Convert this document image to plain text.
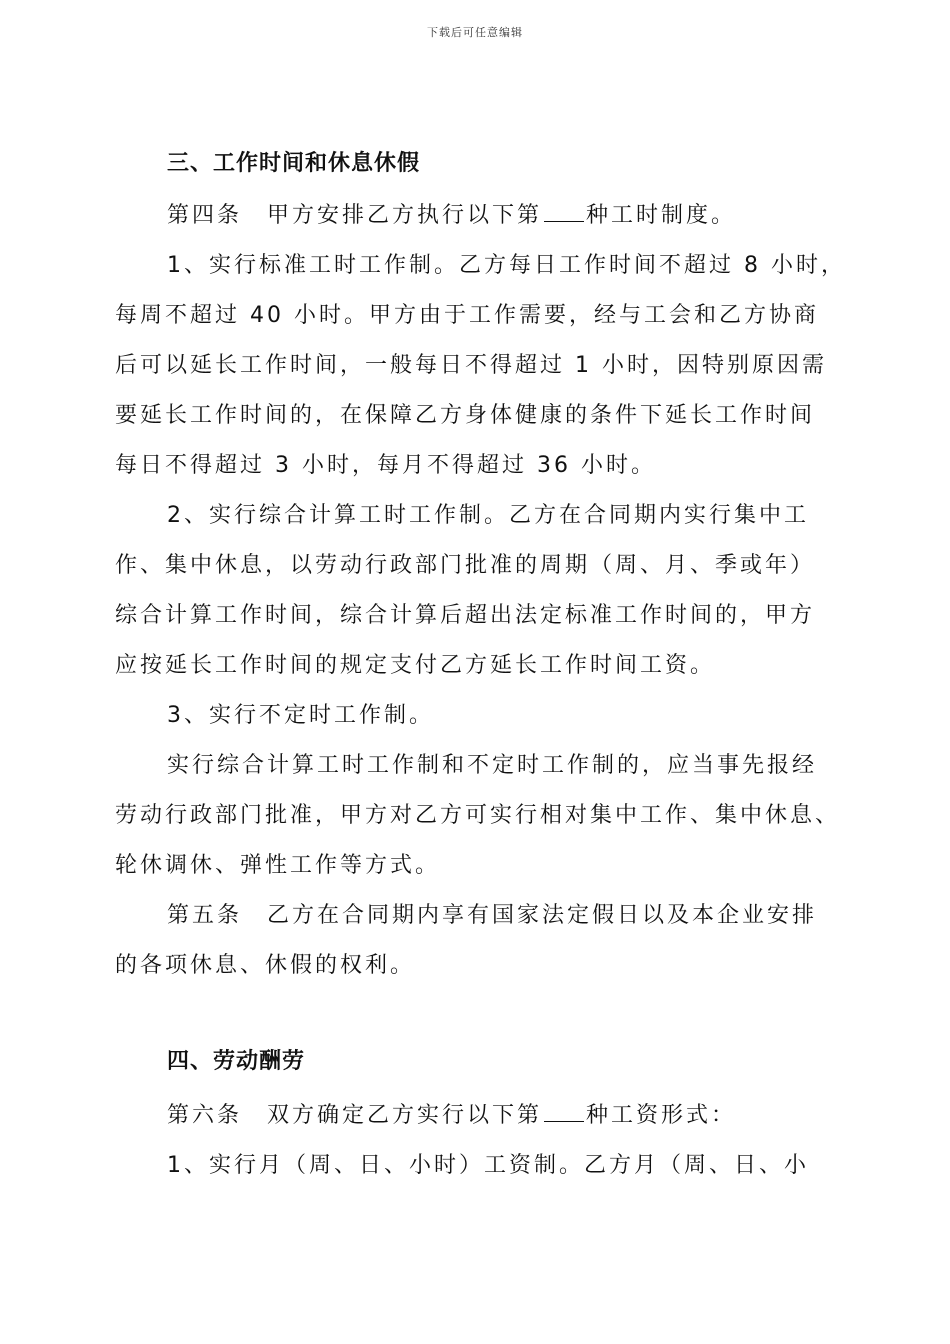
下载后可任意编辑
三、工作时间和休息休假
第四条　甲方安排乙方执行以下第 种工时制度。
1、实行标准工时工作制。乙方每日工作时间不超过 8 小时，
每周不超过 40 小时。甲方由于工作需要，经与工会和乙方协商
后可以延长工作时间，一般每日不得超过 1 小时，因特别原因需
要延长工作时间的，在保障乙方身体健康的条件下延长工作时间
每日不得超过 3 小时，每月不得超过 36 小时。
2、实行综合计算工时工作制。乙方在合同期内实行集中工
作、集中休息，以劳动行政部门批准的周期（周、月、季或年）
综合计算工作时间，综合计算后超出法定标准工作时间的，甲方
应按延长工作时间的规定支付乙方延长工作时间工资。
3、实行不定时工作制。
实行综合计算工时工作制和不定时工作制的，应当事先报经
劳动行政部门批准，甲方对乙方可实行相对集中工作、集中休息、
轮休调休、弹性工作等方式。
第五条　乙方在合同期内享有国家法定假日以及本企业安排
的各项休息、休假的权利。
四、劳动酬劳
第六条　双方确定乙方实行以下第 种工资形式：
1、实行月（周、日、小时）工资制。乙方月（周、日、小
